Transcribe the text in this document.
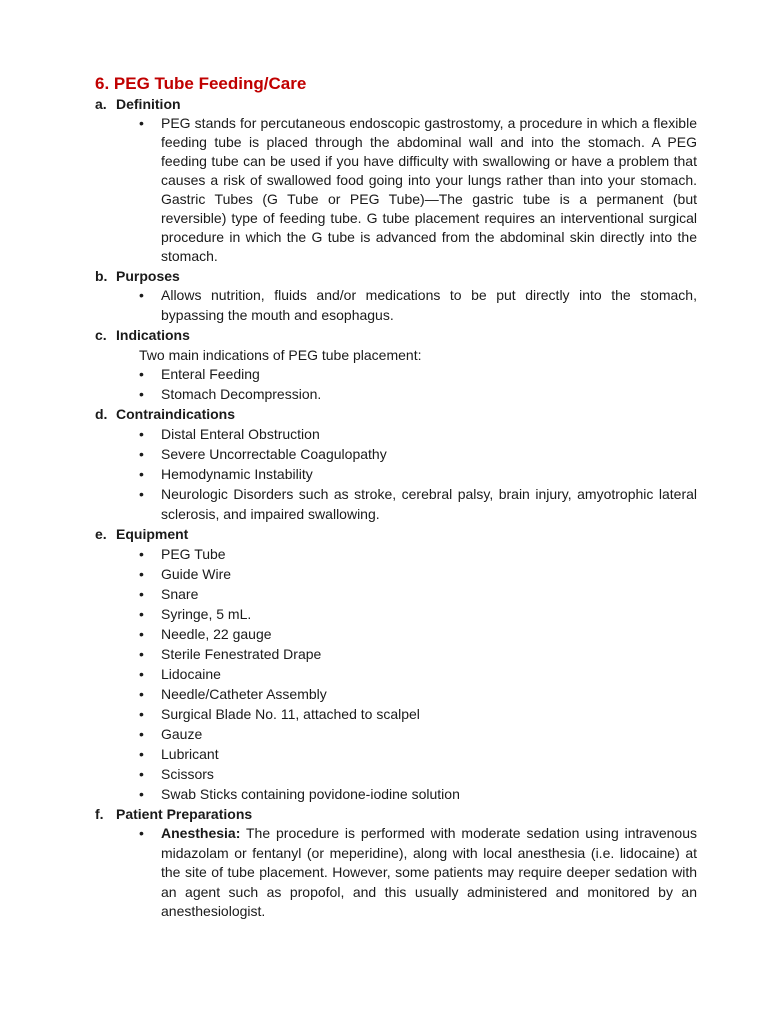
6. PEG Tube Feeding/Care
a. Definition
• PEG stands for percutaneous endoscopic gastrostomy, a procedure in which a flexible feeding tube is placed through the abdominal wall and into the stomach. A PEG feeding tube can be used if you have difficulty with swallowing or have a problem that causes a risk of swallowed food going into your lungs rather than into your stomach. Gastric Tubes (G Tube or PEG Tube)—The gastric tube is a permanent (but reversible) type of feeding tube. G tube placement requires an interventional surgical procedure in which the G tube is advanced from the abdominal skin directly into the stomach.
b. Purposes
• Allows nutrition, fluids and/or medications to be put directly into the stomach, bypassing the mouth and esophagus.
c. Indications
Two main indications of PEG tube placement:
• Enteral Feeding
• Stomach Decompression.
d. Contraindications
• Distal Enteral Obstruction
• Severe Uncorrectable Coagulopathy
• Hemodynamic Instability
• Neurologic Disorders such as stroke, cerebral palsy, brain injury, amyotrophic lateral sclerosis, and impaired swallowing.
e. Equipment
• PEG Tube
• Guide Wire
• Snare
• Syringe, 5 mL.
• Needle, 22 gauge
• Sterile Fenestrated Drape
• Lidocaine
• Needle/Catheter Assembly
• Surgical Blade No. 11, attached to scalpel
• Gauze
• Lubricant
• Scissors
• Swab Sticks containing povidone-iodine solution
f. Patient Preparations
• Anesthesia: The procedure is performed with moderate sedation using intravenous midazolam or fentanyl (or meperidine), along with local anesthesia (i.e. lidocaine) at the site of tube placement. However, some patients may require deeper sedation with an agent such as propofol, and this usually administered and monitored by an anesthesiologist.
